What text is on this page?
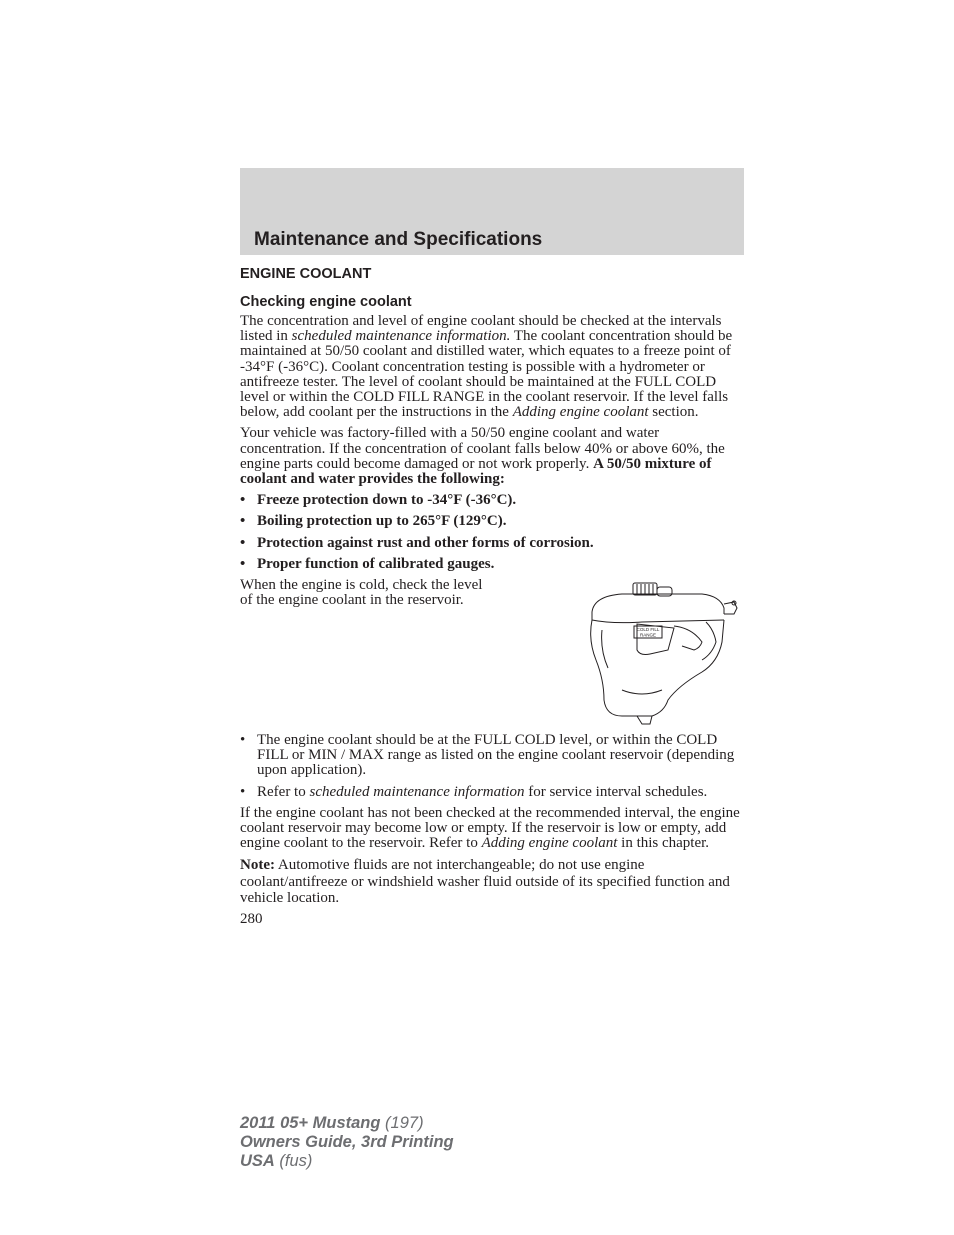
Maintenance and Specifications
ENGINE COOLANT
Checking engine coolant

The concentration and level of engine coolant should be checked at the intervals listed in scheduled maintenance information. The coolant concentration should be maintained at 50/50 coolant and distilled water, which equates to a freeze point of -34°F (-36°C). Coolant concentration testing is possible with a hydrometer or antifreeze tester. The level of coolant should be maintained at the FULL COLD level or within the COLD FILL RANGE in the coolant reservoir. If the level falls below, add coolant per the instructions in the Adding engine coolant section.

Your vehicle was factory-filled with a 50/50 engine coolant and water concentration. If the concentration of coolant falls below 40% or above 60%, the engine parts could become damaged or not work properly. A 50/50 mixture of coolant and water provides the following:

• Freeze protection down to -34°F (-36°C).
• Boiling protection up to 265°F (129°C).
• Protection against rust and other forms of corrosion.
• Proper function of calibrated gauges.

When the engine is cold, check the level of the engine coolant in the reservoir.

COLD FILL
RANGE
• The engine coolant should be at the FULL COLD level, or within the COLD FILL or MIN / MAX range as listed on the engine coolant reservoir (depending upon application).
• Refer to scheduled maintenance information for service interval schedules.

If the engine coolant has not been checked at the recommended interval, the engine coolant reservoir may become low or empty. If the reservoir is low or empty, add engine coolant to the reservoir. Refer to Adding engine coolant in this chapter.

Note: Automotive fluids are not interchangeable; do not use engine coolant/antifreeze or windshield washer fluid outside of its specified function and vehicle location.

280
2011 05+ Mustang (197)
Owners Guide, 3rd Printing
USA (fus)
